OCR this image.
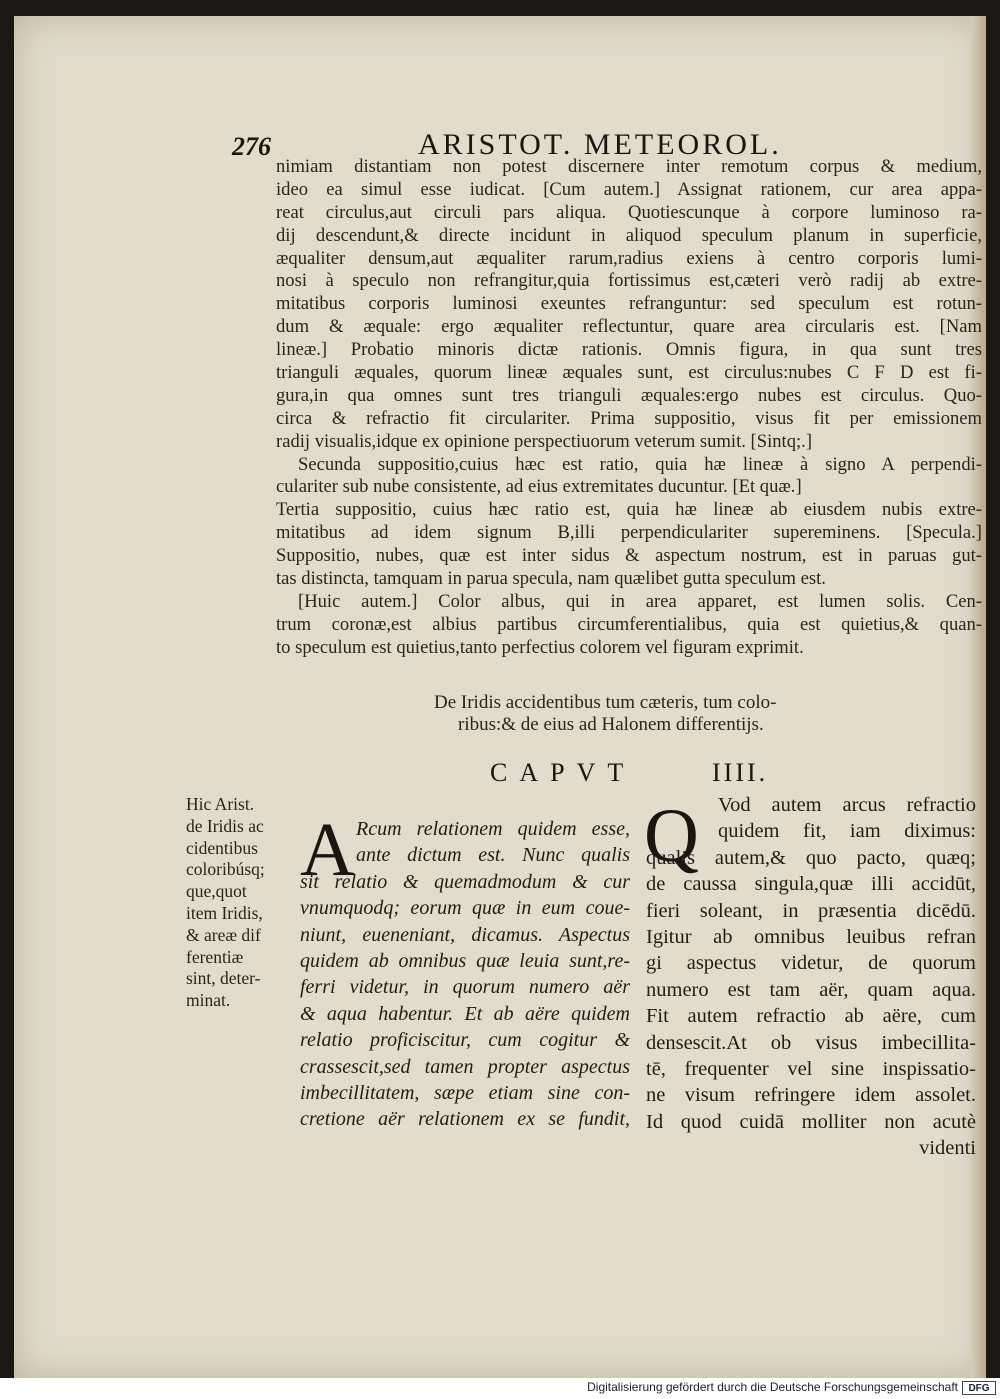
276	ARISTOT. METEOROL.
nimiam distantiam non potest discernere inter remotum corpus & medium,
ideo ea simul esse iudicat. [Cum autem.] Assignat rationem, cur area appa-
reat circulus,aut circuli pars aliqua. Quotiescunque à corpore luminoso ra-
dij descendunt,& directe incidunt in aliquod speculum planum in superficie,
æqualiter densum,aut æqualiter rarum,radius exiens à centro corporis lumi-
nosi à speculo non refrangitur,quia fortissimus est,cæteri verò radij ab extre-
mitatibus corporis luminosi exeuntes refranguntur: sed speculum est rotun-
dum & æquale: ergo æqualiter reflectuntur, quare area circularis est. [Nam
lineæ.] Probatio minoris dictæ rationis. Omnis figura, in qua sunt tres
trianguli æquales, quorum lineæ æquales sunt, est circulus:nubes C F D est fi-
gura,in qua omnes sunt tres trianguli æquales:ergo nubes est circulus. Quo-
circa & refractio fit circulariter. Prima suppositio, visus fit per emissionem
radij visualis,idque ex opinione perspectiuorum veterum sumit. [Sintq;.]
Secunda suppositio,cuius hæc est ratio, quia hæ lineæ à signo A perpendi-
culariter sub nube consistente, ad eius extremitates ducuntur. [Et quæ.]
Tertia suppositio, cuius hæc ratio est, quia hæ lineæ ab eiusdem nubis extre-
mitatibus ad idem signum B,illi perpendiculariter supereminens. [Specula.]
Suppositio, nubes, quæ est inter sidus & aspectum nostrum, est in paruas gut-
tas distincta, tamquam in parua specula, nam quælibet gutta speculum est.
[Huic autem.] Color albus, qui in area apparet, est lumen solis. Cen-
trum coronæ,est albius partibus circumferentialibus, quia est quietius,& quan-
to speculum est quietius,tanto perfectius colorem vel figuram exprimit.
De Iridis accidentibus tum cæteris, tum colo-
ribus:& de eius ad Halonem differentijs.
CAPVT	IIII.
Hic Arist.
de Iridis ac
cidentibus
coloribúsq;
que,quot
item Iridis,
& areæ dif
ferentiæ
sint, deter-
minat.
A Rcum relationem quidem esse,
ante dictum est. Nunc qualis
sit relatio & quemadmodum & cur
vnumquodq; eorum quæ in eum coue-
niunt, eueneniant, dicamus. Aspectus
quidem ab omnibus quæ leuia sunt,re-
ferri videtur, in quorum numero aër
& aqua habentur. Et ab aëre quidem
relatio proficiscitur, cum cogitur &
crassescit,sed tamen propter aspectus
imbecillitatem, sæpe etiam sine con-
cretione aër relationem ex se fundit,
Q Vod autem arcus refractio
quidem fit, iam diximus:
qualis autem,& quo pacto, quæq;
de caussa singula,quæ illi accidūt,
fieri soleant, in præsentia dicēdū.
Igitur ab omnibus leuibus refran
gi aspectus videtur, de quorum
numero est tam aër, quam aqua.
Fit autem refractio ab aëre, cum
densescit.At ob visus imbecillita-
tē, frequenter vel sine inspissatio-
ne visum refringere idem assolet.
Id quod cuidā molliter non acutè
videnti
Digitalisierung gefördert durch die Deutsche Forschungsgemeinschaft	DFG
